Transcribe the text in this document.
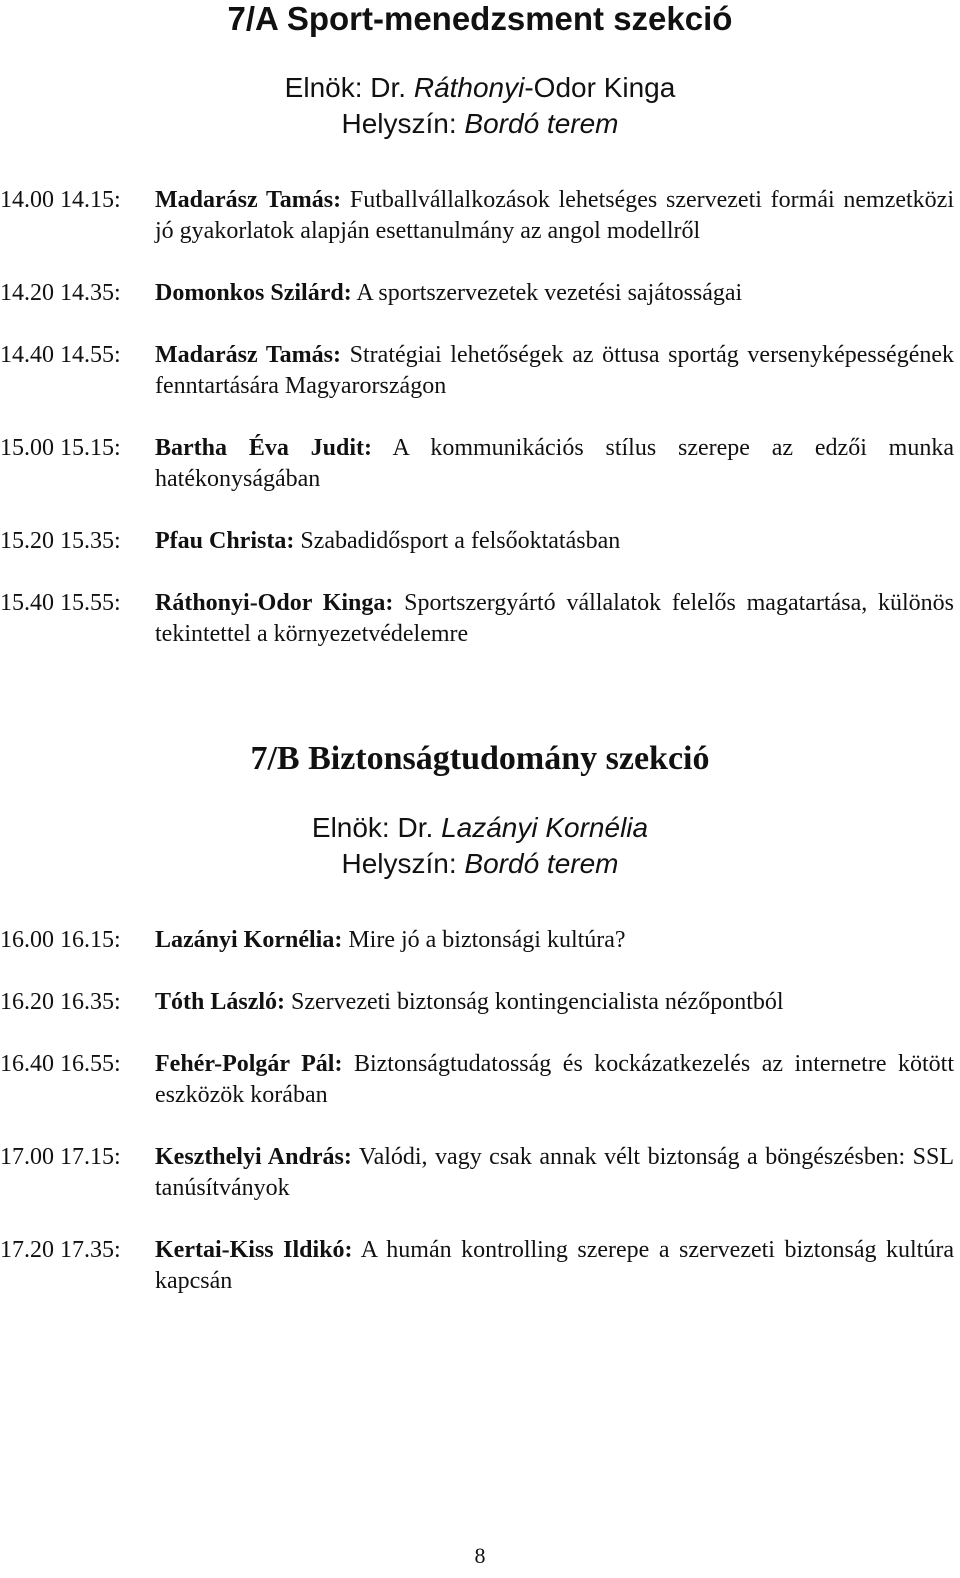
7/A Sport-menedzsment szekció

Elnök: Dr. Ráthonyi-Odor Kinga

Helyszín: Bordó terem

14.00 14.15: Madarász Tamás: Futballvállalkozások lehetséges szervezeti formái nemzetközi jó gyakorlatok alapján esettanulmány az angol modellről
14.20 14.35: Domonkos Szilárd: A sportszervezetek vezetési sajátosságai
14.40 14.55: Madarász Tamás: Stratégiai lehetőségek az öttusa sportág versenyképességének fenntartására Magyarországon
15.00 15.15: Bartha Éva Judit: A kommunikációs stílus szerepe az edzői munka hatékonyságában
15.20 15.35: Pfau Christa: Szabadidősport a felsőoktatásban
15.40 15.55: Ráthonyi-Odor Kinga: Sportszergyártó vállalatok felelős magatartása, különös tekintettel a környezetvédelemre
7/B Biztonságtudomány szekció

Elnök: Dr. Lazányi Kornélia

Helyszín: Bordó terem

16.00 16.15: Lazányi Kornélia: Mire jó a biztonsági kultúra?
16.20 16.35: Tóth László: Szervezeti biztonság kontingencialista nézőpontból
16.40 16.55: Fehér-Polgár Pál: Biztonságtudatosság és kockázatkezelés az internetre kötött eszközök korában
17.00 17.15: Keszthelyi András: Valódi, vagy csak annak vélt biztonság a böngészésben: SSL tanúsítványok
17.20 17.35: Kertai-Kiss Ildikó: A humán kontrolling szerepe a szervezeti biztonság kultúra kapcsán
8
